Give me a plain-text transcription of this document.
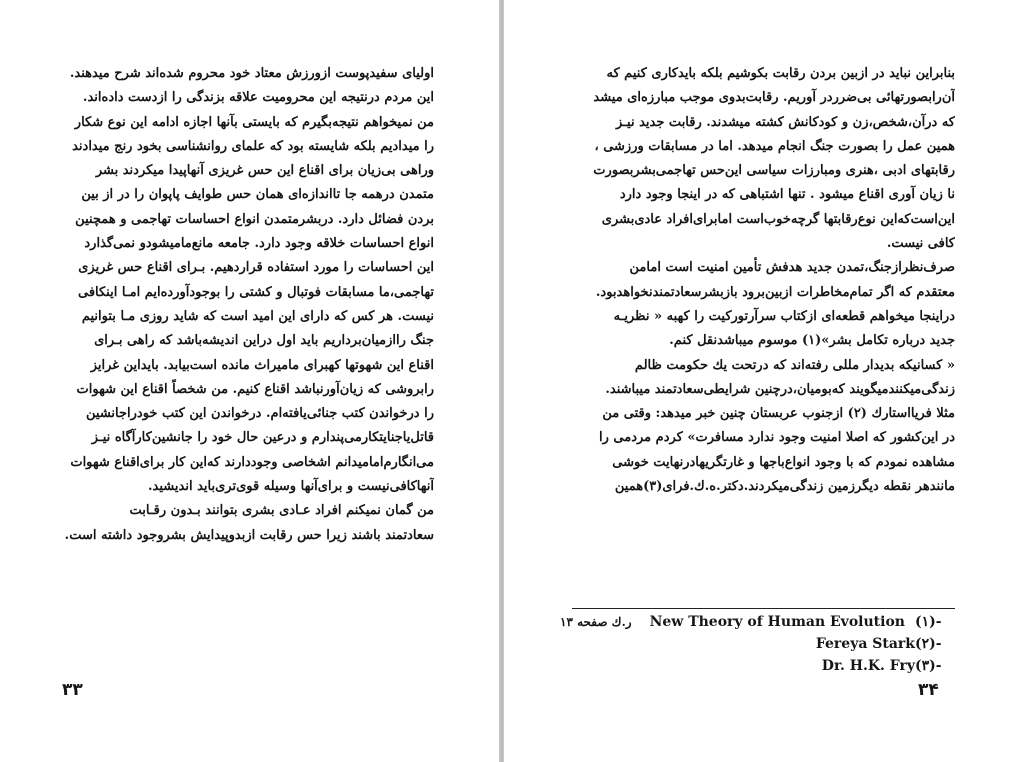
اولیای سفیدپوست ازورزش معتاد خود محروم شده‌اند شرح میدهند.
این مردم درنتیجه این محرومیت علاقه بزندگی را ازدست داده‌اند.
من نمیخواهم نتیجه‌بگیرم که بایستی بآنها اجازه ادامه این نوع شکار
را میدادیم بلکه شایسته بود که علمای روانشناسی بخود رنج میدادند
وراهی بی‌زیان برای اقناع این حس غریزی آنهاپیدا میکردند بشر
متمدن درهمه جا تااندازه‌ای همان حس طوایف پاپوان را در از بین
بردن فضائل دارد. دربشرمتمدن انواع احساسات تهاجمی و همچنین
انواع احساسات خلاقه وجود دارد. جامعه مانع‌ماميشودو نمی‌گذارد
این احساسات را مورد استفاده قراردهیم. بـرای اقناع حس غریزی
تهاجمی،ما مسابقات فوتبال و کشتی را بوجودآورده‌ایم امـا اینکافی
نیست. هر کس که دارای این امید است که شاید روزی مـا بتوانیم
جنگ راازمیان‌برداریم باید اول دراین اندیشه‌باشد که راهی بـرای
اقناع این شهوتها کهبرای مامیراث مانده است‌بیابد. بایداین غرایز
رابروشی که زیان‌آورنباشد اقناع کنیم. من شخصاً اقناع این شهوات
را درخواندن کتب جنائی‌یافته‌ام. درخواندن این کتب خودراجانشین
قاتل‌یاجنایتکارمی‌پندارم و درعین حال خود را جانشین‌کارآگاه نیـز
می‌انگارم‌امامیدانم اشخاصی وجوددارند که‌این کار برای‌اقناع شهوات
آنهاکافی‌نیست و برای‌آنها وسیله قوی‌تری‌باید اندیشید.
من گمان نمیکنم افراد عـادی بشری بتوانند بـدون رقـابت
سعادتمند باشند زیرا حس رقابت ازبدوپیدایش بشروجود داشته است.
بنابراین نباید در ازبین بردن رقابت بکوشیم بلکه بایدکاری کنیم که
آن‌رابصورتهائی بی‌ضرردر آوریم. رقابت‌بدوی موجب مبارزه‌ای میشد
که درآن،شخص،زن و کودکانش کشته میشدند. رقابت جدید نیـز
همین عمل را بصورت جنگ انجام میدهد. اما در مسابقات ورزشی ،
رقابتهای ادبی ،هنری ومبارزات سیاسی این‌حس تهاجمی‌بشربصورت
نا زیان آوری اقناع میشود . تنها اشتباهی که در اینجا وجود دارد
این‌است‌که‌این نوع‌رقابتها گرچه‌خوب‌است امابرای‌افراد عادی‌بشری
کافی نیست.
صرف‌نظرازجنگ،تمدن جدید هدفش تأمین امنیت است امامن
معتقدم که اگر تمام‌مخاطرات ازبین‌برود بازبشرسعادتمندنخواهدبود.
دراینجا میخواهم قطعه‌ای ازکتاب سرآرتورکیت را کهبه « نظریـه
جدید درباره تکامل بشر»(۱) موسوم میباشدنقل کنم.
« کسانیکه بدیدار مللی رفته‌اند که درتحت یك حکومت ظالم
زندگی‌میکنندمیگویند که‌بومیان،درچنین شرایطی‌سعادتمند میباشند.
مثلا فریااستارك (۲) ازجنوب عربستان چنین خبر میدهد: وقتی من
در این‌کشور که اصلا امنیت وجود ندارد مسافرت» کردم مردمی را
مشاهده نمودم که با وجود انواع‌باجها و غارتگریهادرنهایت خوشی
مانندهر نقطه دیگرزمین زندگی‌میکردند.دکتر.ه.ك.فرای(۳)همین
(۱)-
New Theory of Human Evolution
ر.ك صفحه ۱۳
(۲)-
Fereya Stark
(۳)-
Dr. H.K. Fry
۳۳	۳۴
